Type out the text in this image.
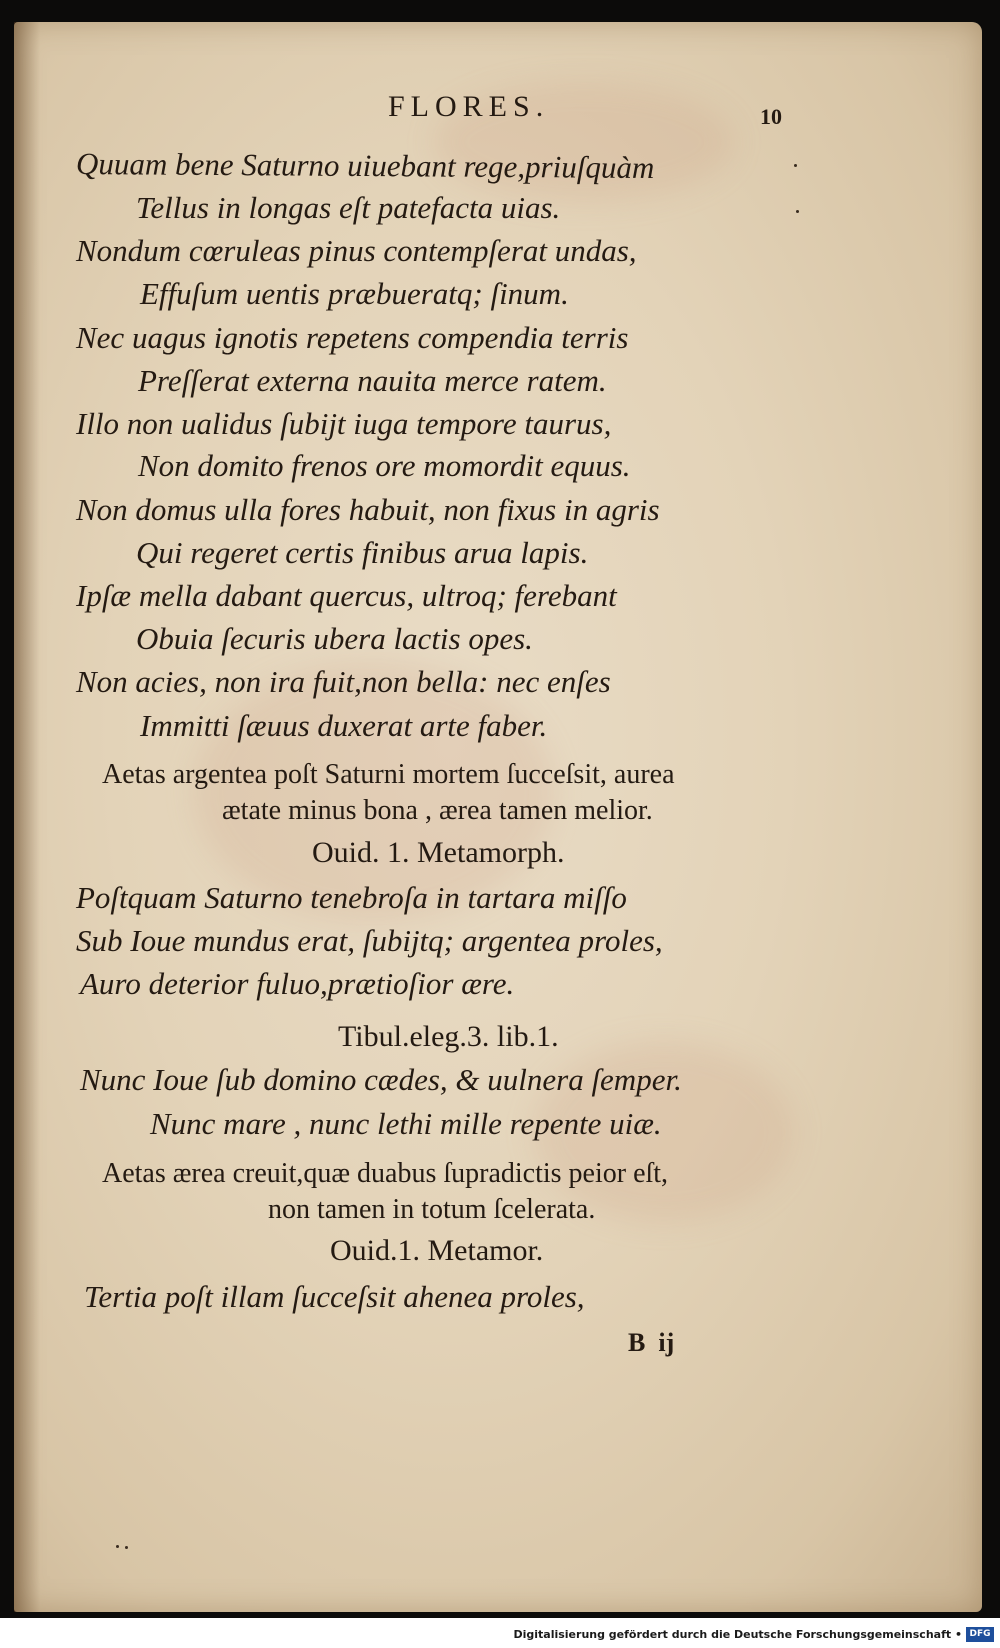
FLORES.	10
Quuam bene Saturno uiuebant rege,priuſquàm
Tellus in longas eſt patefacta uias.
Nondum cœruleas pinus contempſerat undas,
Effuſum uentis præbueratq; ſinum.
Nec uagus ignotis repetens compendia terris
Preſſerat externa nauita merce ratem.
Illo non ualidus ſubijt iuga tempore taurus,
Non domito frenos ore momordit equus.
Non domus ulla fores habuit, non fixus in agris
Qui regeret certis finibus arua lapis.
Ipſæ mella dabant quercus, ultroq; ferebant
Obuia ſecuris ubera lactis opes.
Non acies, non ira fuit,non bella: nec enſes
Immitti ſæuus duxerat arte faber.
Aetas argentea poſt Saturni mortem ſucceſsit, aurea
ætate minus bona , ærea tamen melior.
Ouid. 1. Metamorph.
Poſtquam Saturno tenebroſa in tartara miſſo
Sub Ioue mundus erat, ſubijtq; argentea proles,
Auro deterior fuluo,prætioſior ære.
Tibul.eleg.3. lib.1.
Nunc Ioue ſub domino cædes, & uulnera ſemper.
Nunc mare , nunc lethi mille repente uiæ.
Aetas ærea creuit,quæ duabus ſupradictis peior eſt,
non tamen in totum ſcelerata.
Ouid.1. Metamor.
Tertia poſt illam ſucceſsit ahenea proles,
B  ij
Digitalisierung gefördert durch die Deutsche Forschungsgemeinschaft • DFG
